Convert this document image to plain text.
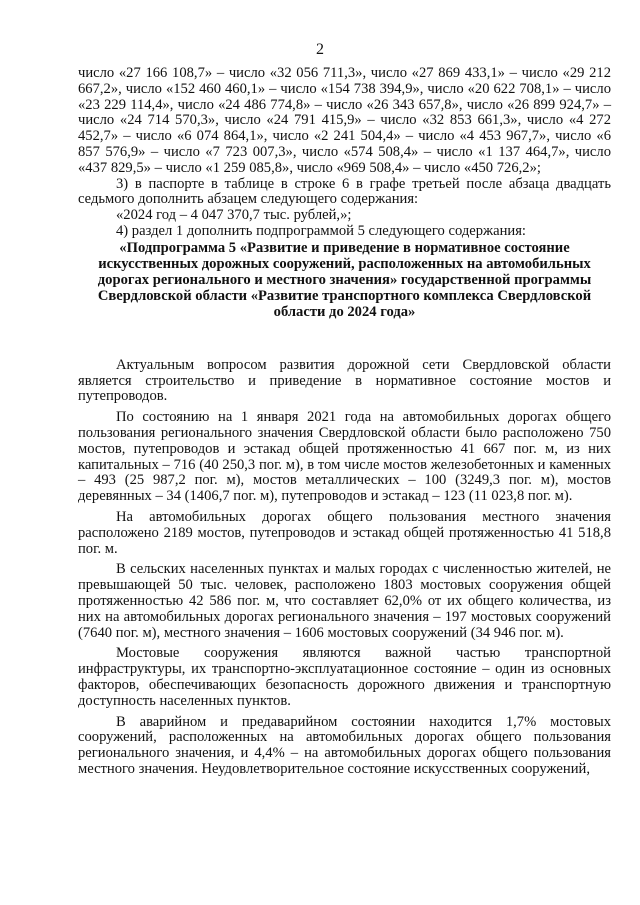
2

число «27 166 108,7» – число «32 056 711,3», число «27 869 433,1» – число «29 212 667,2», число «152 460 460,1» – число «154 738 394,9», число «20 622 708,1» – число «23 229 114,4», число «24 486 774,8» – число «26 343 657,8», число «26 899 924,7» – число «24 714 570,3», число «24 791 415,9» – число «32 853 661,3», число «4 272 452,7» – число «6 074 864,1», число «2 241 504,4» – число «4 453 967,7», число «6 857 576,9» – число «7 723 007,3», число «574 508,4» – число «1 137 464,7», число «437 829,5» – число «1 259 085,8», число «969 508,4» – число «450 726,2»;

3) в паспорте в таблице в строке 6 в графе третьей после абзаца двадцать седьмого дополнить абзацем следующего содержания:

«2024 год – 4 047 370,7 тыс. рублей,»;

4) раздел 1 дополнить подпрограммой 5 следующего содержания:

«Подпрограмма 5 «Развитие и приведение в нормативное состояние искусственных дорожных сооружений, расположенных на автомобильных дорогах регионального и местного значения» государственной программы Свердловской области «Развитие транспортного комплекса Свердловской области до 2024 года»

Актуальным вопросом развития дорожной сети Свердловской области является строительство и приведение в нормативное состояние мостов и путепроводов.

По состоянию на 1 января 2021 года на автомобильных дорогах общего пользования регионального значения Свердловской области было расположено 750 мостов, путепроводов и эстакад общей протяженностью 41 667 пог. м, из них капитальных – 716 (40 250,3 пог. м), в том числе мостов железобетонных и каменных – 493 (25 987,2 пог. м), мостов металлических – 100 (3249,3 пог. м), мостов деревянных – 34 (1406,7 пог. м), путепроводов и эстакад – 123 (11 023,8 пог. м).

На автомобильных дорогах общего пользования местного значения расположено 2189 мостов, путепроводов и эстакад общей протяженностью 41 518,8 пог. м.

В сельских населенных пунктах и малых городах с численностью жителей, не превышающей 50 тыс. человек, расположено 1803 мостовых сооружения общей протяженностью 42 586 пог. м, что составляет 62,0% от их общего количества, из них на автомобильных дорогах регионального значения – 197 мостовых сооружений (7640 пог. м), местного значения – 1606 мостовых сооружений (34 946 пог. м).

Мостовые сооружения являются важной частью транспортной инфраструктуры, их транспортно-эксплуатационное состояние – один из основных факторов, обеспечивающих безопасность дорожного движения и транспортную доступность населенных пунктов.

В аварийном и предаварийном состоянии находится 1,7% мостовых сооружений, расположенных на автомобильных дорогах общего пользования регионального значения, и 4,4% – на автомобильных дорогах общего пользования местного значения. Неудовлетворительное состояние искусственных сооружений,
